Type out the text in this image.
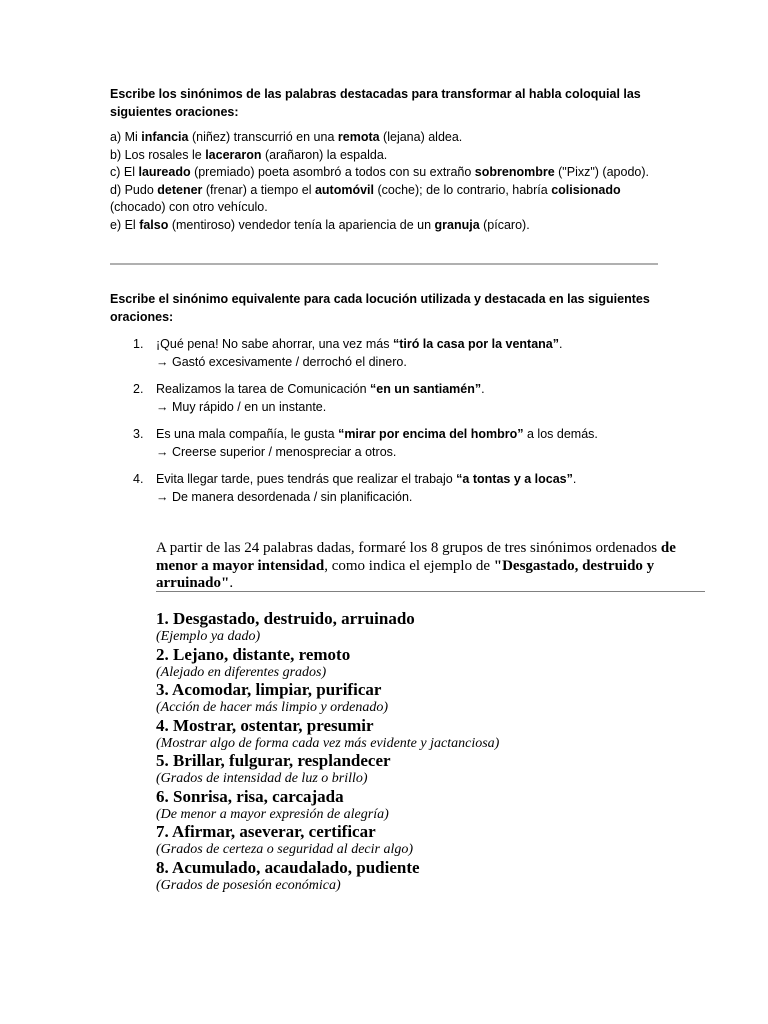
Escribe los sinónimos de las palabras destacadas para transformar al habla coloquial las siguientes oraciones:

a) Mi infancia (niñez) transcurrió en una remota (lejana) aldea.

b) Los rosales le laceraron (arañaron) la espalda.

c) El laureado (premiado) poeta asombró a todos con su extraño sobrenombre ("Pixz") (apodo).

d) Pudo detener (frenar) a tiempo el automóvil (coche); de lo contrario, habría colisionado (chocado) con otro vehículo.

e) El falso (mentiroso) vendedor tenía la apariencia de un granuja (pícaro).

Escribe el sinónimo equivalente para cada locución utilizada y destacada en las siguientes oraciones:
1. ¡Qué pena! No sabe ahorrar, una vez más “tiró la casa por la ventana”.
→ Gastó excesivamente / derrochó el dinero.
2. Realizamos la tarea de Comunicación “en un santiamén”.
→ Muy rápido / en un instante.
3. Es una mala compañía, le gusta “mirar por encima del hombro” a los demás.
→ Creerse superior / menospreciar a otros.
4. Evita llegar tarde, pues tendrás que realizar el trabajo “a tontas y a locas”.
→ De manera desordenada / sin planificación.

A partir de las 24 palabras dadas, formaré los 8 grupos de tres sinónimos ordenados de menor a mayor intensidad, como indica el ejemplo de "Desgastado, destruido y arruinado".

1. Desgastado, destruido, arruinado

(Ejemplo ya dado)

2. Lejano, distante, remoto

(Alejado en diferentes grados)

3. Acomodar, limpiar, purificar

(Acción de hacer más limpio y ordenado)

4. Mostrar, ostentar, presumir

(Mostrar algo de forma cada vez más evidente y jactanciosa)

5. Brillar, fulgurar, resplandecer

(Grados de intensidad de luz o brillo)

6. Sonrisa, risa, carcajada

(De menor a mayor expresión de alegría)

7. Afirmar, aseverar, certificar

(Grados de certeza o seguridad al decir algo)

8. Acumulado, acaudalado, pudiente

(Grados de posesión económica)
